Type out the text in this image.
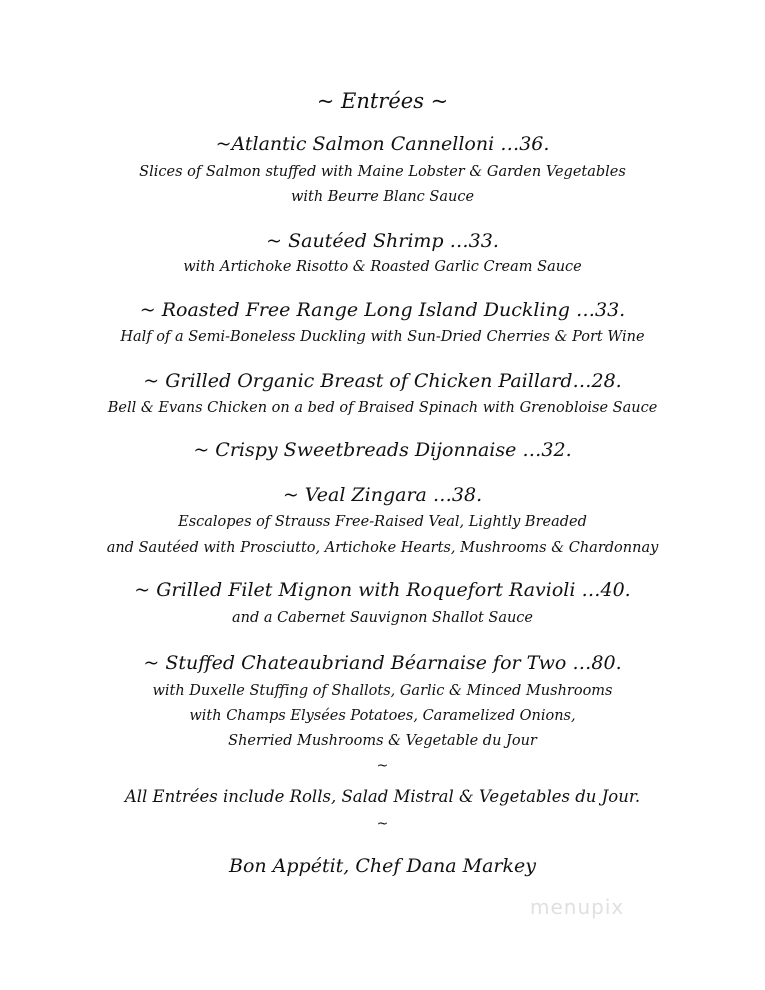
~ Entrées ~
~Atlantic Salmon Cannelloni …36.
Slices of Salmon stuffed with Maine Lobster & Garden Vegetables
with Beurre Blanc Sauce
~ Sautéed Shrimp …33.
with Artichoke Risotto & Roasted Garlic Cream Sauce
~ Roasted Free Range Long Island Duckling …33.
Half of a Semi-Boneless Duckling with Sun-Dried Cherries & Port Wine
~ Grilled Organic Breast of Chicken Paillard…28.
Bell & Evans Chicken on a bed of Braised Spinach with Grenobloise Sauce
~ Crispy Sweetbreads Dijonnaise …32.
~ Veal Zingara …38.
Escalopes of Strauss Free-Raised Veal, Lightly Breaded
and Sautéed with Prosciutto, Artichoke Hearts, Mushrooms & Chardonnay
~ Grilled Filet Mignon with Roquefort Ravioli …40.
and a Cabernet Sauvignon Shallot Sauce
~ Stuffed Chateaubriand Béarnaise for Two …80.
with Duxelle Stuffing of Shallots, Garlic & Minced Mushrooms
with Champs Elysées Potatoes, Caramelized Onions,
Sherried Mushrooms & Vegetable du Jour
~
All Entrées include Rolls, Salad Mistral & Vegetables du Jour.
~
Bon Appétit, Chef Dana Markey
menupix
